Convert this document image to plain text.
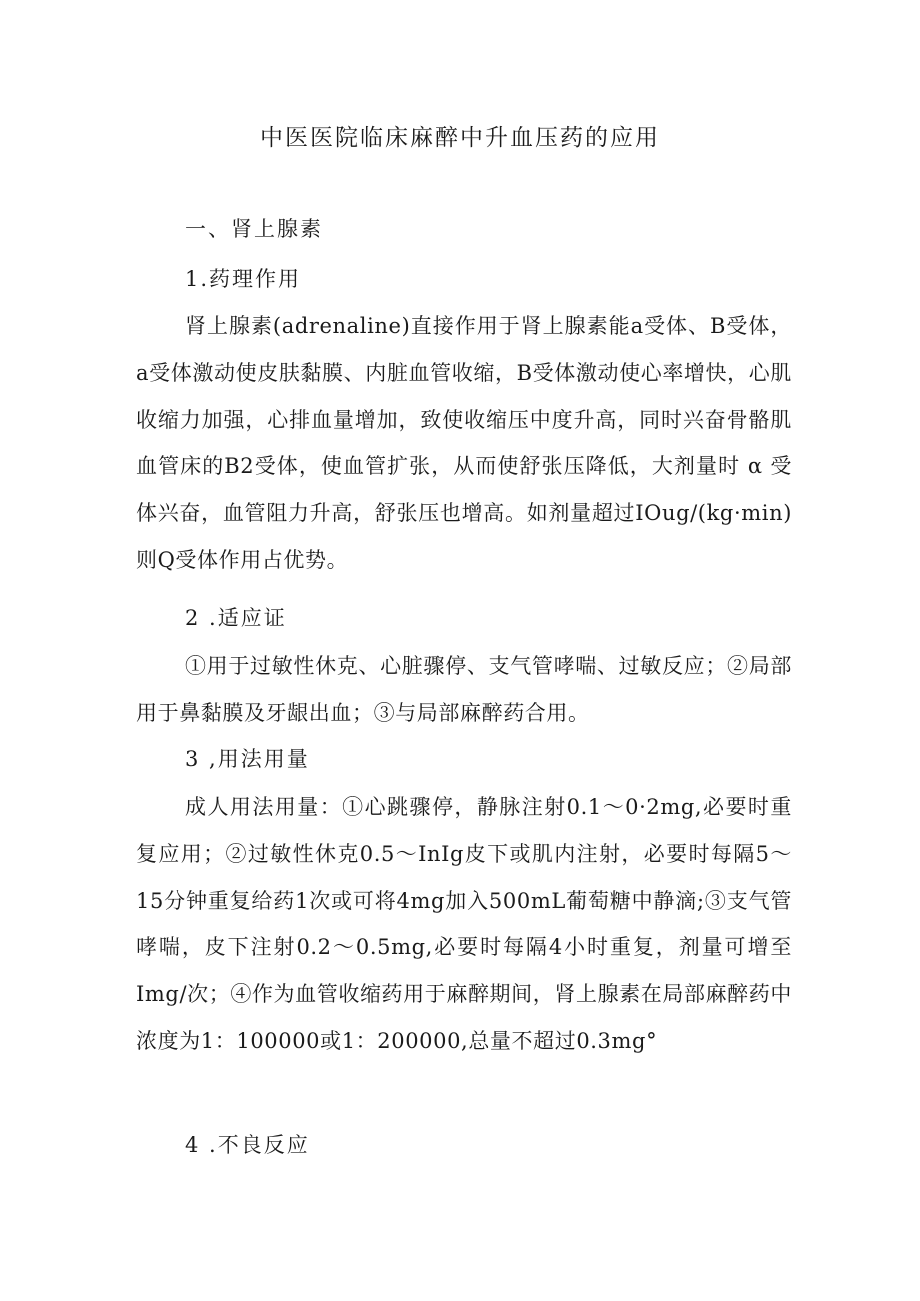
中医医院临床麻醉中升血压药的应用
一、肾上腺素
1.药理作用

肾上腺素(adrenaline)直接作用于肾上腺素能a受体、B受体，a受体激动使皮肤黏膜、内脏血管收缩，B受体激动使心率增快，心肌收缩力加强，心排血量增加，致使收缩压中度升高，同时兴奋骨骼肌血管床的B2受体，使血管扩张，从而使舒张压降低，大剂量时 α 受体兴奋，血管阻力升高，舒张压也增高。如剂量超过IOug/(kg·min)则Q受体作用占优势。

2 .适应证

①用于过敏性休克、心脏骤停、支气管哮喘、过敏反应；②局部用于鼻黏膜及牙龈出血；③与局部麻醉药合用。

3 ,用法用量

成人用法用量：①心跳骤停，静脉注射0.1～0·2mg,必要时重复应用；②过敏性休克0.5～InIg皮下或肌内注射，必要时每隔5～15分钟重复给药1次或可将4mg加入500mL葡萄糖中静滴;③支气管哮喘，皮下注射0.2～0.5mg,必要时每隔4小时重复，剂量可增至Img/次；④作为血管收缩药用于麻醉期间，肾上腺素在局部麻醉药中浓度为1：100000或1：200000,总量不超过0.3mg°

4 .不良反应
